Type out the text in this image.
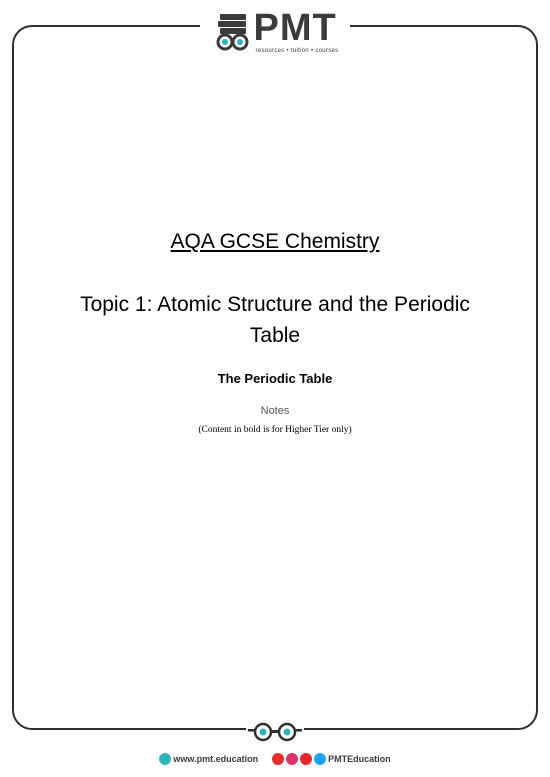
PMT
resources • tuition • courses
AQA GCSE Chemistry
Topic 1: Atomic Structure and the Periodic Table
The Periodic Table
Notes
(Content in bold is for Higher Tier only)
www.pmt.education	PMTEducation
